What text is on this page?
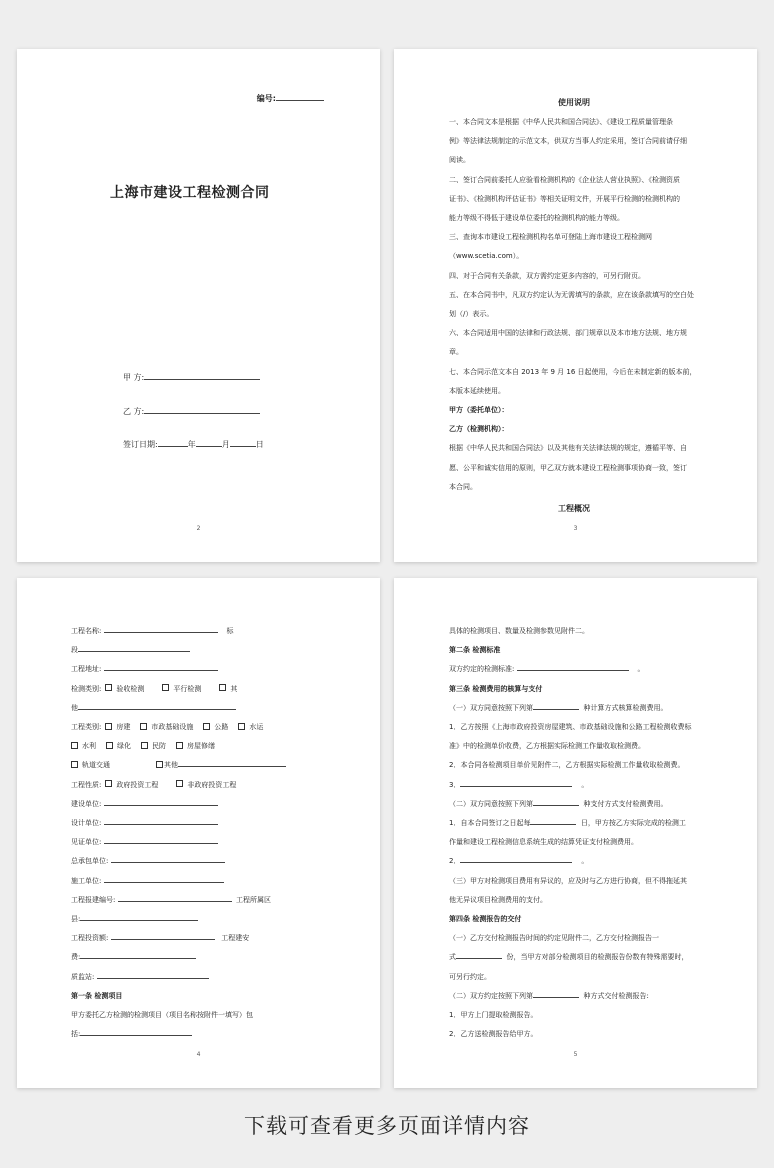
编号:
上海市建设工程检测合同
甲 方:
乙 方:
签订日期:	年	月	日
2

使用说明

一、本合同文本是根据《中华人民共和国合同法》、《建设工程质量管理条
例》等法律法规制定的示范文本，供双方当事人约定采用，签订合同前请仔细
阅读。
二、签订合同前委托人应验看检测机构的《企业法人营业执照》、《检测资质
证书》、《检测机构评估证书》等相关证明文件，开展平行检测的检测机构的
能力等级不得低于建设单位委托的检测机构的能力等级。
三、查询本市建设工程检测机构名单可登陆上海市建设工程检测网
（www.scetia.com）。
四、对于合同有关条款，双方需约定更多内容的，可另行附页。
五、在本合同书中，凡双方约定认为无需填写的条款，应在该条款填写的空白处
划（/）表示。
六、本合同适用中国的法律和行政法规、部门规章以及本市地方法规、地方规
章。
七、本合同示范文本自 2013 年 9 月 16 日起使用，今后在未制定新的版本前，
本版本延续使用。
甲方（委托单位）：
乙方（检测机构）：
根据《中华人民共和国合同法》以及其他有关法律法规的规定，遵循平等、自
愿、公平和诚实信用的原则，甲乙双方就本建设工程检测事项协商一致，签订
本合同。

工程概况

3
工程名称:	标
段
工程地址:
检测类别: 验收检测	平行检测	其
他
工程类别: 房建	市政基础设施	公路	水运
水利	绿化	民防	房屋修缮
轨道交通	其他
工程性质: 政府投资工程	非政府投资工程
建设单位:
设计单位:
见证单位:
总承包单位:
施工单位:
工程报建编号:	工程所属区
县:
工程投资额:	工程建安
费:
质监站:
第一条 检测项目
甲方委托乙方检测的检测项目（项目名称按附件一填写）包
括:
4
具体的检测项目、数量及检测参数见附件二。
第二条 检测标准
双方约定的检测标准:	。
第三条 检测费用的核算与支付
（一）双方同意按照下列第	种计算方式核算检测费用。
1．乙方按照《上海市政府投资房屋建筑、市政基础设施和公路工程检测收费标
准》中的检测单价收费，乙方根据实际检测工作量收取检测费。
2．本合同各检测项目单价见附件二，乙方根据实际检测工作量收取检测费。
3．	。
（二）双方同意按照下列第	种支付方式支付检测费用。
1．自本合同签订之日起每	日，甲方按乙方实际完成的检测工
作量和建设工程检测信息系统生成的结算凭证支付检测费用。
2．	。
（三）甲方对检测项目费用有异议的，应及时与乙方进行协商，但不得拖延其
他无异议项目检测费用的支付。
第四条 检测报告的交付
（一）乙方交付检测报告时间的约定见附件二，乙方交付检测报告一
式	份，当甲方对部分检测项目的检测报告份数有特殊需要时，
可另行约定。
（二）双方约定按照下列第	种方式交付检测报告:
1．甲方上门提取检测报告。
2．乙方送检测报告给甲方。
5
下载可查看更多页面详情内容
